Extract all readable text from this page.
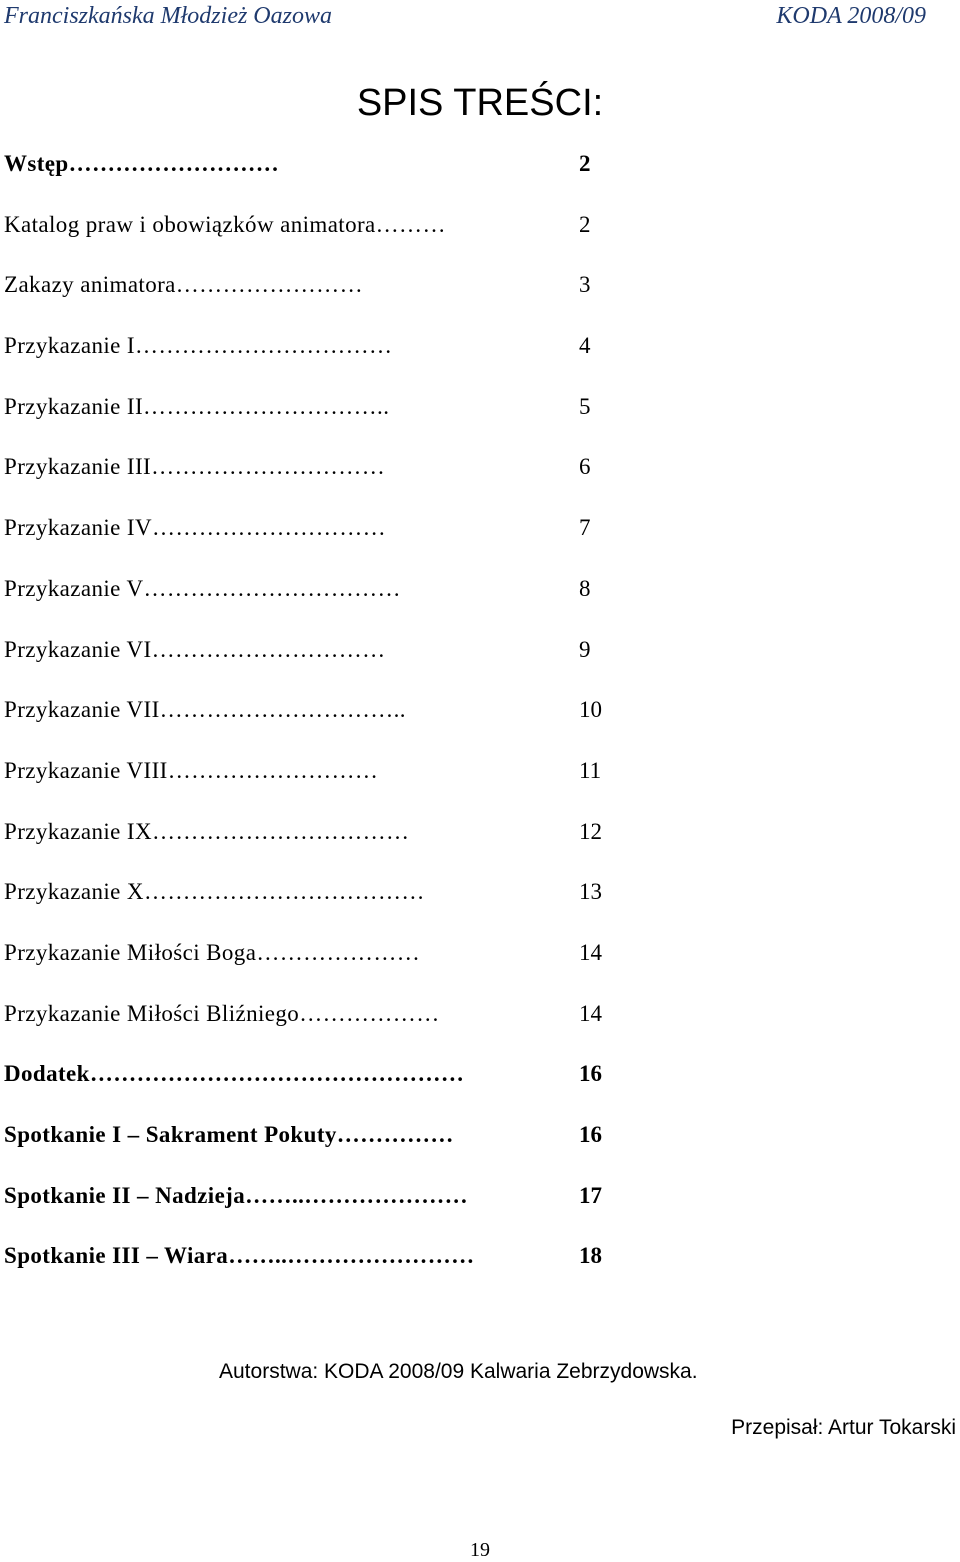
Franciszkańska Młodzież Oazowa	KODA 2008/09
SPIS TREŚCI:
Wstęp………………………	2
Katalog praw i obowiązków animatora………	2
Zakazy animatora……………………	3
Przykazanie I……………………………	4
Przykazanie II…………………………..	5
Przykazanie III…………………………	6
Przykazanie IV…………………………	7
Przykazanie V……………………………	8
Przykazanie VI…………………………	9
Przykazanie VII…………………………..	10
Przykazanie VIII………………………	11
Przykazanie IX……………………………	12
Przykazanie X………………………………	13
Przykazanie Miłości Boga…………………	14
Przykazanie Miłości Bliźniego………………	14
Dodatek…………………………………………	16
Spotkanie I – Sakrament Pokuty……………	16
Spotkanie II – Nadzieja……..…………………	17
Spotkanie III – Wiara……..……………………	18
Autorstwa: KODA 2008/09 Kalwaria Zebrzydowska.
Przepisał: Artur Tokarski
19
